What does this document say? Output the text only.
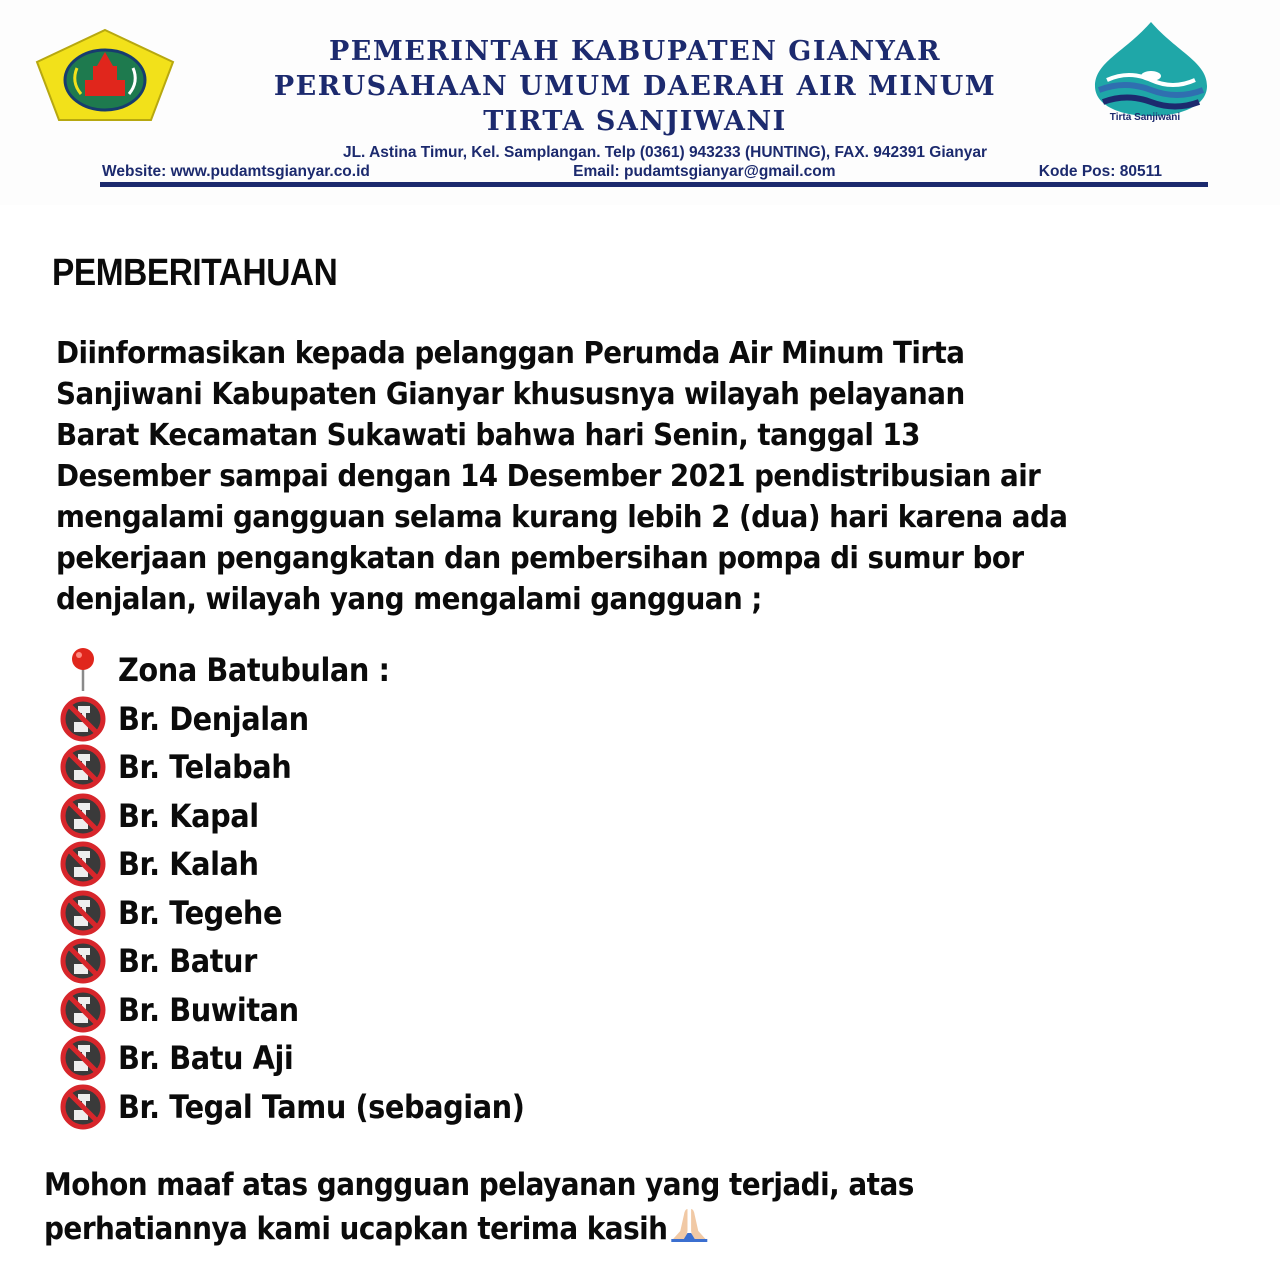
PEMERINTAH KABUPATEN GIANYAR
PERUSAHAAN UMUM DAERAH AIR MINUM
TIRTA SANJIWANI	Tirta Sanjiwani
JL. Astina Timur, Kel. Samplangan. Telp (0361) 943233 (HUNTING), FAX. 942391 Gianyar
Website: www.pudamtsgianyar.co.id	Email: pudamtsgianyar@gmail.com	Kode Pos: 80511
PEMBERITAHUAN
Diinformasikan kepada pelanggan Perumda Air Minum Tirta
Sanjiwani Kabupaten Gianyar khususnya wilayah pelayanan
Barat Kecamatan Sukawati bahwa hari Senin, tanggal 13
Desember sampai dengan 14 Desember 2021 pendistribusian air
mengalami gangguan selama kurang lebih 2 (dua) hari karena ada
pekerjaan pengangkatan dan pembersihan pompa di sumur bor
denjalan, wilayah yang mengalami gangguan ;
Zona Batubulan :
Br. Denjalan
Br. Telabah
Br. Kapal
Br. Kalah
Br. Tegehe
Br. Batur
Br. Buwitan
Br. Batu Aji
Br. Tegal Tamu (sebagian)
Mohon maaf atas gangguan pelayanan yang terjadi, atas
perhatiannya kami ucapkan terima kasih
